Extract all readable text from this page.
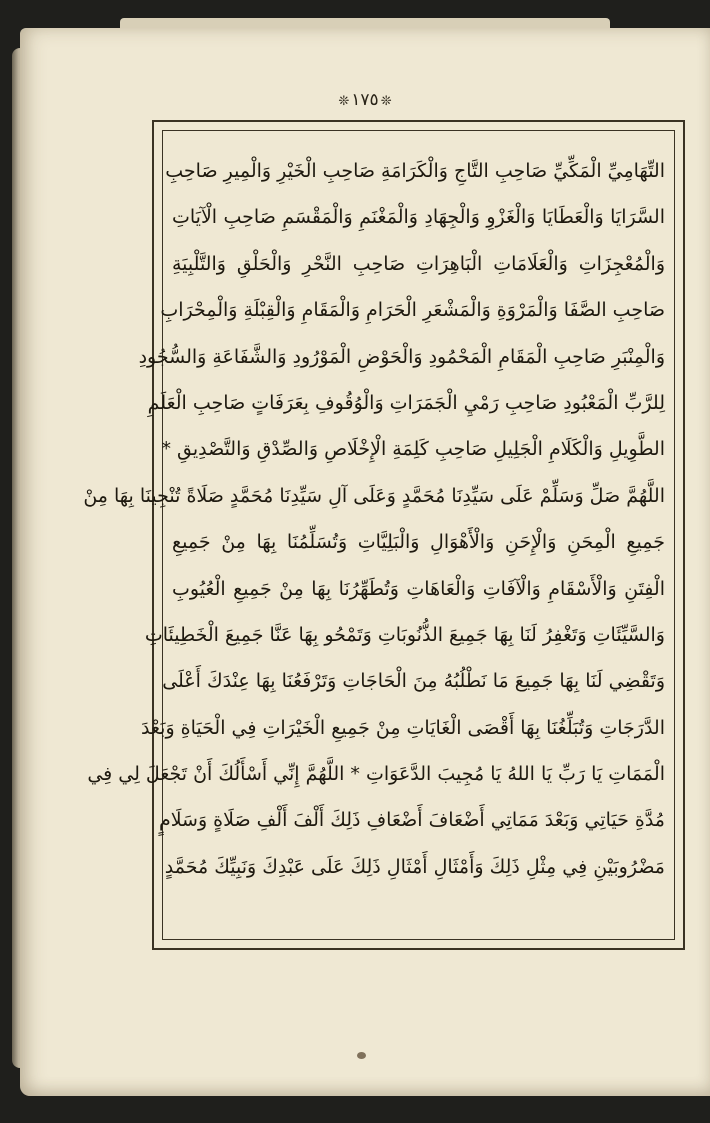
❊١٧٥❊
التِّهَامِيِّ الْمَكِّيِّ صَاحِبِ التَّاجِ وَالْكَرَامَةِ صَاحِبِ الْخَيْرِ وَالْمِيرِ صَاحِبِ
السَّرَايَا وَالْعَطَايَا وَالْغَزْوِ وَالْجِهَادِ وَالْمَغْنَمِ وَالْمَقْسَمِ صَاحِبِ الْآيَاتِ
وَالْمُعْجِزَاتِ وَالْعَلَامَاتِ الْبَاهِرَاتِ صَاحِبِ النَّحْرِ وَالْحَلْقِ وَالتَّلْبِيَةِ
صَاحِبِ الصَّفَا وَالْمَرْوَةِ وَالْمَشْعَرِ الْحَرَامِ وَالْمَقَامِ وَالْقِبْلَةِ وَالْمِحْرَابِ
وَالْمِنْبَرِ صَاحِبِ الْمَقَامِ الْمَحْمُودِ وَالْحَوْضِ الْمَوْرُودِ وَالشَّفَاعَةِ وَالسُّجُودِ
لِلرَّبِّ الْمَعْبُودِ صَاحِبِ رَمْيِ الْجَمَرَاتِ وَالْوُقُوفِ بِعَرَفَاتٍ صَاحِبِ الْعَلَمِ
الطَّوِيلِ وَالْكَلَامِ الْجَلِيلِ صَاحِبِ كَلِمَةِ الْإِخْلَاصِ وَالصِّدْقِ وَالتَّصْدِيقِ *
اللَّهُمَّ صَلِّ وَسَلِّمْ عَلَى سَيِّدِنَا مُحَمَّدٍ وَعَلَى آلِ سَيِّدِنَا مُحَمَّدٍ صَلَاةً تُنْجِينَا بِهَا مِنْ
جَمِيعِ الْمِحَنِ وَالْإِحَنِ وَالْأَهْوَالِ وَالْبَلِيَّاتِ وَتُسَلِّمُنَا بِهَا مِنْ جَمِيعِ
الْفِتَنِ وَالْأَسْقَامِ وَالْآفَاتِ وَالْعَاهَاتِ وَتُطَهِّرُنَا بِهَا مِنْ جَمِيعِ الْعُيُوبِ
وَالسَّيِّئَاتِ وَتَغْفِرُ لَنَا بِهَا جَمِيعَ الذُّنُوبَاتِ وَتَمْحُو بِهَا عَنَّا جَمِيعَ الْخَطِيئَاتِ
وَتَقْضِي لَنَا بِهَا جَمِيعَ مَا نَطْلُبُهُ مِنَ الْحَاجَاتِ وَتَرْفَعُنَا بِهَا عِنْدَكَ أَعْلَى
الدَّرَجَاتِ وَتُبَلِّغُنَا بِهَا أَقْصَى الْغَايَاتِ مِنْ جَمِيعِ الْخَيْرَاتِ فِي الْحَيَاةِ وَبَعْدَ
الْمَمَاتِ يَا رَبِّ يَا اللهُ يَا مُجِيبَ الدَّعَوَاتِ * اللَّهُمَّ إِنِّي أَسْأَلُكَ أَنْ تَجْعَلَ لِي فِي
مُدَّةِ حَيَاتِي وَبَعْدَ مَمَاتِي أَضْعَافَ أَضْعَافِ ذَلِكَ أَلْفَ أَلْفِ صَلَاةٍ وَسَلَامٍ
مَضْرُوبَيْنِ فِي مِثْلِ ذَلِكَ وَأَمْثَالِ أَمْثَالِ ذَلِكَ عَلَى عَبْدِكَ وَنَبِيِّكَ مُحَمَّدٍ
